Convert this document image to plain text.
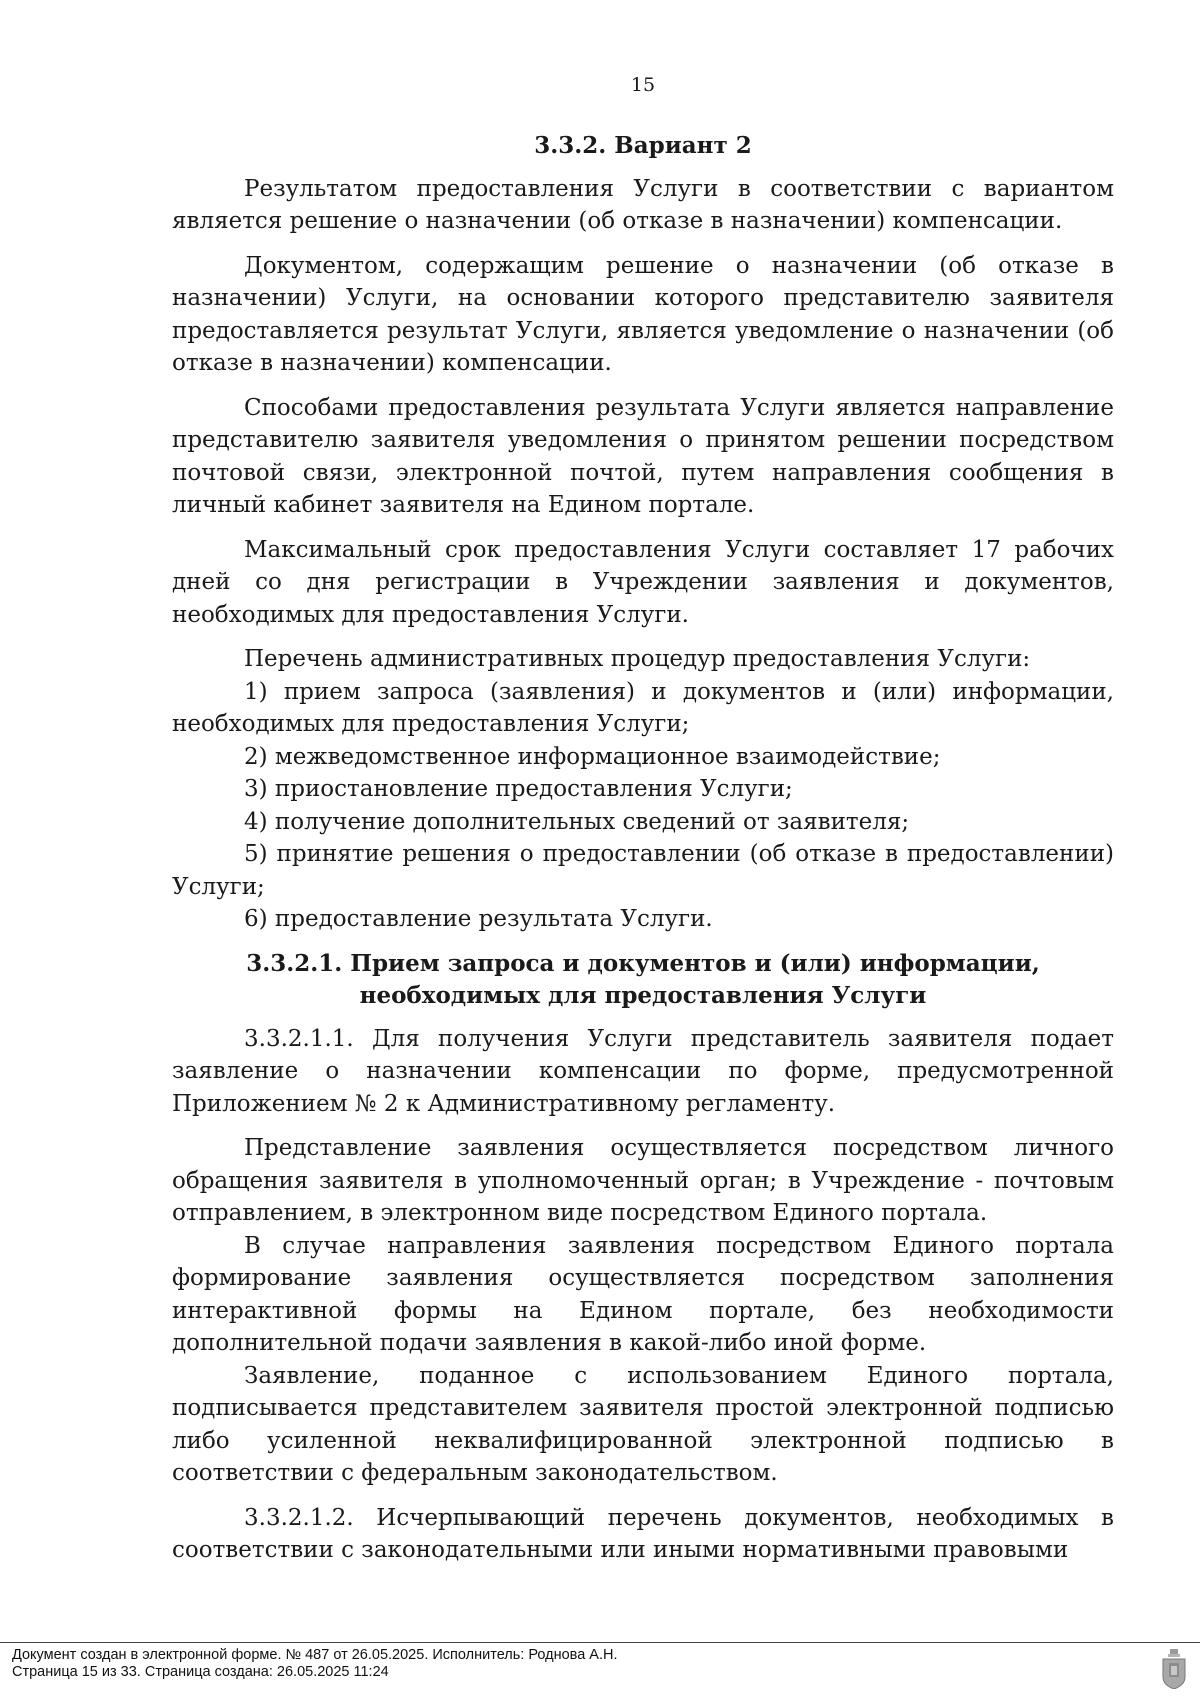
15
3.3.2. Вариант 2

Результатом предоставления Услуги в соответствии с вариантом является решение о назначении (об отказе в назначении) компенсации.

Документом, содержащим решение о назначении (об отказе в назначении) Услуги, на основании которого представителю заявителя предоставляется результат Услуги, является уведомление о назначении (об отказе в назначении) компенсации.

Способами предоставления результата Услуги является направление представителю заявителя уведомления о принятом решении посредством почтовой связи, электронной почтой, путем направления сообщения в личный кабинет заявителя на Едином портале.

Максимальный срок предоставления Услуги составляет 17 рабочих дней со дня регистрации в Учреждении заявления и документов, необходимых для предоставления Услуги.

Перечень административных процедур предоставления Услуги:

1) прием запроса (заявления) и документов и (или) информации, необходимых для предоставления Услуги;

2) межведомственное информационное взаимодействие;

3) приостановление предоставления Услуги;

4) получение дополнительных сведений от заявителя;

5) принятие решения о предоставлении (об отказе в предоставлении) Услуги;

6) предоставление результата Услуги.

3.3.2.1. Прием запроса и документов и (или) информации, необходимых для предоставления Услуги

3.3.2.1.1. Для получения Услуги представитель заявителя подает заявление о назначении компенсации по форме, предусмотренной Приложением № 2 к Административному регламенту.

Представление заявления осуществляется посредством личного обращения заявителя в уполномоченный орган; в Учреждение - почтовым отправлением, в электронном виде посредством Единого портала.

В случае направления заявления посредством Единого портала формирование заявления осуществляется посредством заполнения интерактивной формы на Едином портале, без необходимости дополнительной подачи заявления в какой-либо иной форме.

Заявление, поданное с использованием Единого портала, подписывается представителем заявителя простой электронной подписью либо усиленной неквалифицированной электронной подписью в соответствии с федеральным законодательством.

3.3.2.1.2. Исчерпывающий перечень документов, необходимых в соответствии с законодательными или иными нормативными правовыми

Документ создан в электронной форме. № 487 от 26.05.2025. Исполнитель: Роднова А.Н.
Страница 15 из 33. Страница создана: 26.05.2025 11:24
